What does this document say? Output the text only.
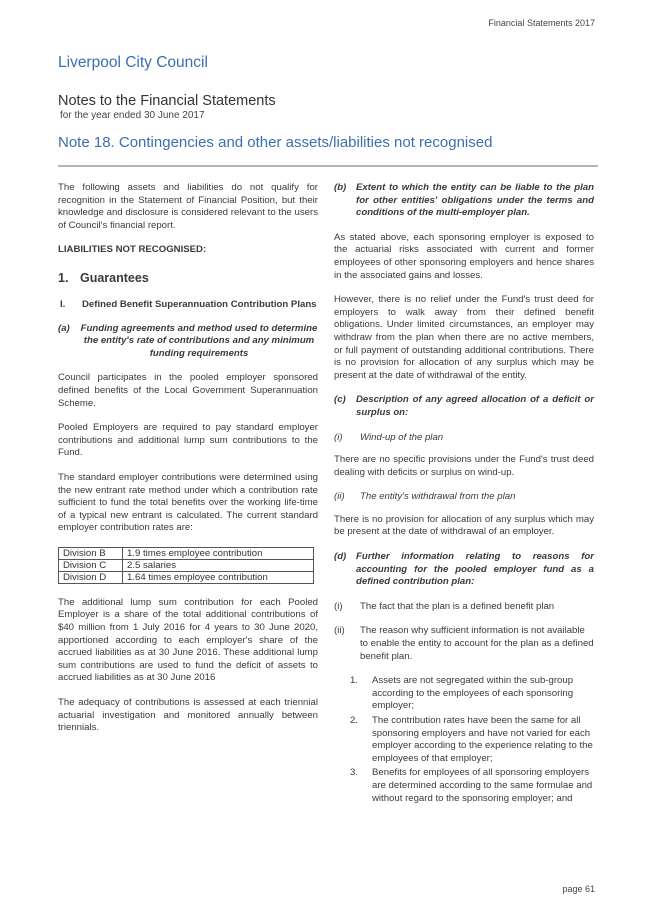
Financial Statements 2017
Liverpool City Council
Notes to the Financial Statements
for the year ended 30 June 2017
Note 18. Contingencies and other assets/liabilities not recognised

The following assets and liabilities do not qualify for recognition in the Statement of Financial Position, but their knowledge and disclosure is considered relevant to the users of Council's financial report.

LIABILITIES NOT RECOGNISED:
1. Guarantees
I.	Defined Benefit Superannuation Contribution Plans
(a)	Funding agreements and method used to determine the entity's rate of contributions and any minimum funding requirements

Council participates in the pooled employer sponsored defined benefits of the Local Government Superannuation Scheme.

Pooled Employers are required to pay standard employer contributions and additional lump sum contributions to the Fund.

The standard employer contributions were determined using the new entrant rate method under which a contribution rate sufficient to fund the total benefits over the working life-time of a typical new entrant is calculated. The current standard employer contribution rates are:

Division B	1.9 times employee contribution
Division C	2.5 salaries
Division D	1.64 times employee contribution

The additional lump sum contribution for each Pooled Employer is a share of the total additional contributions of $40 million from 1 July 2016 for 4 years to 30 June 2020, apportioned according to each employer's share of the accrued liabilities as at 30 June 2016. These additional lump sum contributions are used to fund the deficit of assets to accrued liabilities as at 30 June 2016

The adequacy of contributions is assessed at each triennial actuarial investigation and monitored annually between triennials.

(b)	Extent to which the entity can be liable to the plan for other entities' obligations under the terms and conditions of the multi-employer plan.

As stated above, each sponsoring employer is exposed to the actuarial risks associated with current and former employees of other sponsoring employers and hence shares in the associated gains and losses.

However, there is no relief under the Fund's trust deed for employers to walk away from their defined benefit obligations. Under limited circumstances, an employer may withdraw from the plan when there are no active members, or full payment of outstanding additional contributions. There is no provision for allocation of any surplus which may be present at the date of withdrawal of the entity.

(c)	Description of any agreed allocation of a deficit or surplus on:
(i)	Wind-up of the plan

There are no specific provisions under the Fund's trust deed dealing with deficits or surplus on wind-up.

(ii)	The entity's withdrawal from the plan

There is no provision for allocation of any surplus which may be present at the date of withdrawal of an employer.

(d)	Further information relating to reasons for accounting for the pooled employer fund as a defined contribution plan:
(i)	The fact that the plan is a defined benefit plan
(ii)	The reason why sufficient information is not available to enable the entity to account for the plan as a defined benefit plan.
1.	Assets are not segregated within the sub-group according to the employees of each sponsoring employer;
2.	The contribution rates have been the same for all sponsoring employers and have not varied for each employer according to the experience relating to the employees of that employer;
3.	Benefits for employees of all sponsoring employers are determined according to the same formulae and without regard to the sponsoring employer; and
page 61
